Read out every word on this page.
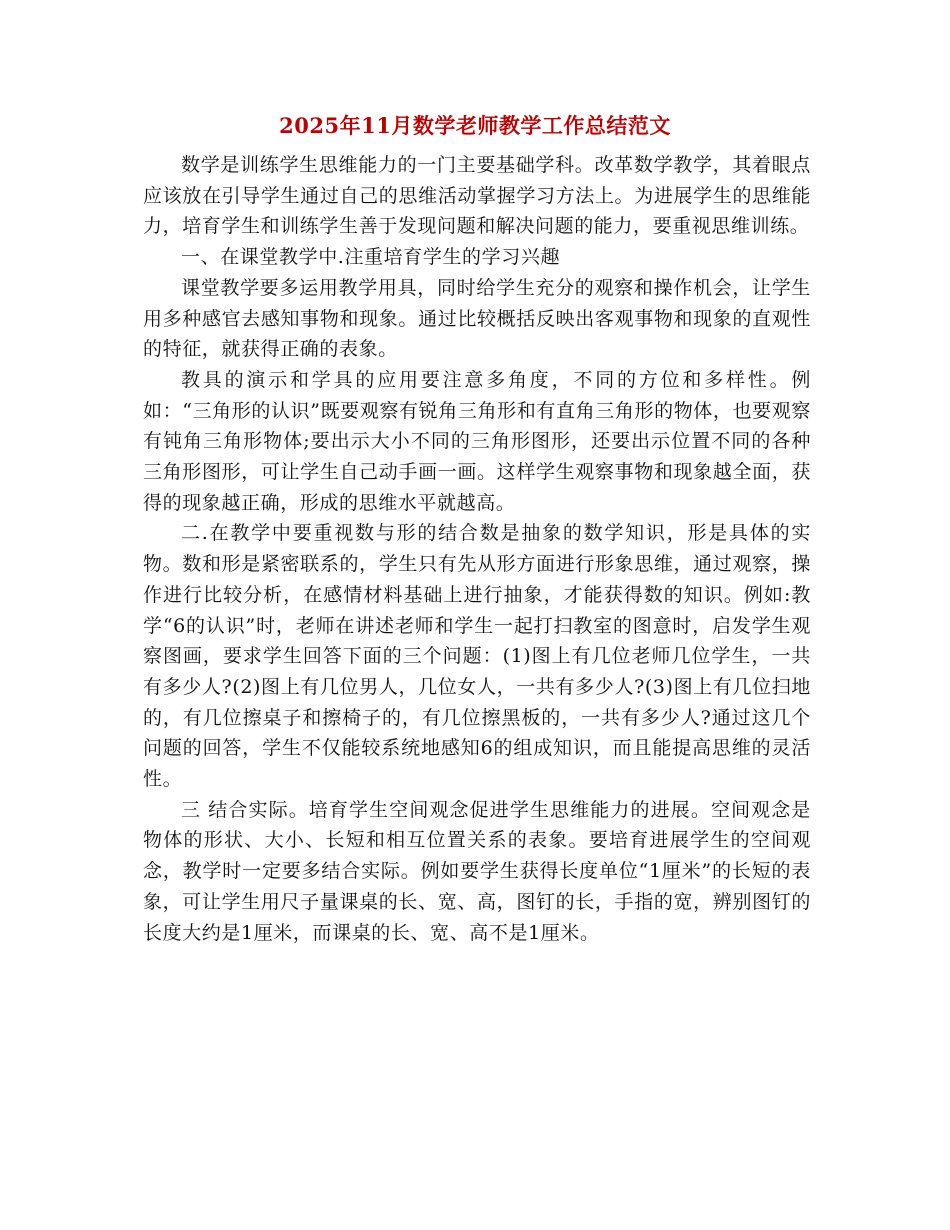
2025年11月数学老师教学工作总结范文

数学是训练学生思维能力的一门主要基础学科。改革数学教学，其着眼点应该放在引导学生通过自己的思维活动掌握学习方法上。为进展学生的思维能力，培育学生和训练学生善于发现问题和解决问题的能力，要重视思维训练。

一、在课堂教学中.注重培育学生的学习兴趣

课堂教学要多运用教学用具，同时给学生充分的观察和操作机会，让学生用多种感官去感知事物和现象。通过比较概括反映出客观事物和现象的直观性的特征，就获得正确的表象。

教具的演示和学具的应用要注意多角度，不同的方位和多样性。例如：“三角形的认识”既要观察有锐角三角形和有直角三角形的物体，也要观察有钝角三角形物体;要出示大小不同的三角形图形，还要出示位置不同的各种三角形图形，可让学生自己动手画一画。这样学生观察事物和现象越全面，获得的现象越正确，形成的思维水平就越高。

二.在教学中要重视数与形的结合数是抽象的数学知识，形是具体的实物。数和形是紧密联系的，学生只有先从形方面进行形象思维，通过观察，操作进行比较分析，在感情材料基础上进行抽象，才能获得数的知识。例如:教学“6的认识”时，老师在讲述老师和学生一起打扫教室的图意时，启发学生观察图画，要求学生回答下面的三个问题：(1)图上有几位老师几位学生，一共有多少人?(2)图上有几位男人，几位女人，一共有多少人?(3)图上有几位扫地的，有几位擦桌子和擦椅子的，有几位擦黑板的，一共有多少人?通过这几个问题的回答，学生不仅能较系统地感知6的组成知识，而且能提高思维的灵活性。

三 结合实际。培育学生空间观念促进学生思维能力的进展。空间观念是物体的形状、大小、长短和相互位置关系的表象。要培育进展学生的空间观念，教学时一定要多结合实际。例如要学生获得长度单位“1厘米”的长短的表象，可让学生用尺子量课桌的长、宽、高，图钉的长，手指的宽，辨别图钉的长度大约是1厘米，而课桌的长、宽、高不是1厘米。
